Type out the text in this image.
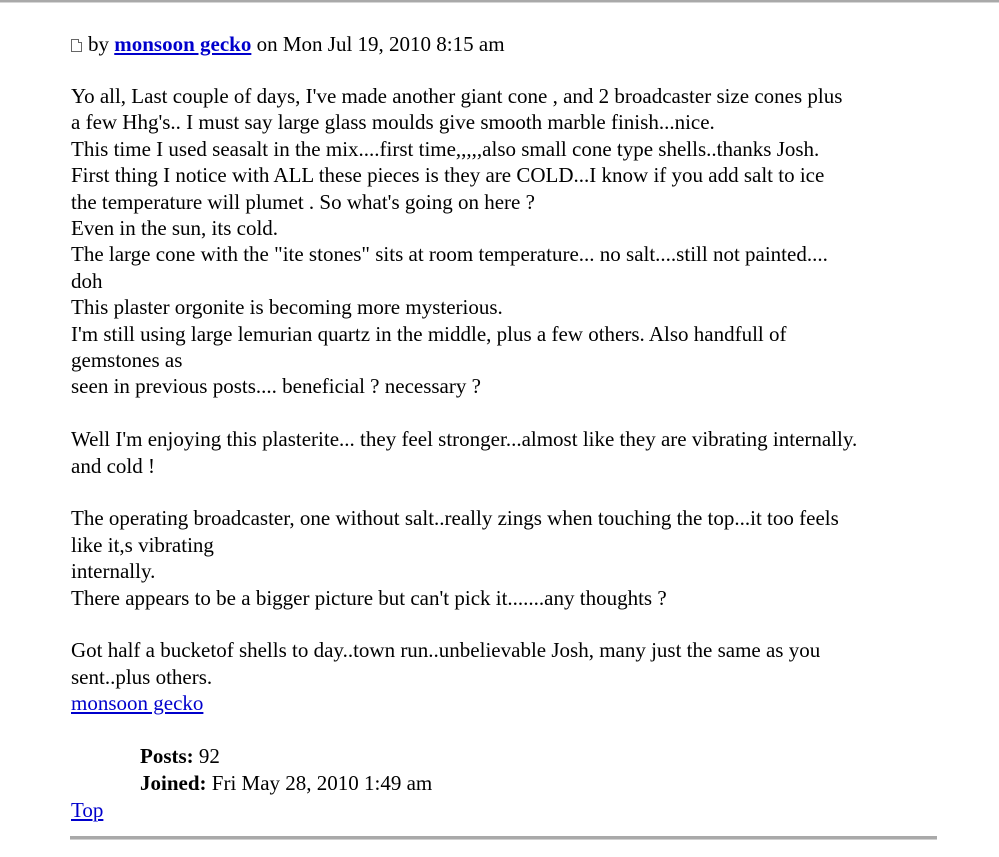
by monsoon gecko on Mon Jul 19, 2010 8:15 am

Yo all, Last couple of days, I've made another giant cone , and 2 broadcaster size cones plus

a few Hhg's.. I must say large glass moulds give smooth marble finish...nice.

This time I used seasalt in the mix....first time,,,,,also small cone type shells..thanks Josh.

First thing I notice with ALL these pieces is they are COLD...I know if you add salt to ice

the temperature will plumet . So what's going on here ?

Even in the sun, its cold.

The large cone with the "ite stones" sits at room temperature... no salt....still not painted....

doh

This plaster orgonite is becoming more mysterious.

I'm still using large lemurian quartz in the middle, plus a few others. Also handfull of

gemstones as

seen in previous posts.... beneficial ? necessary ?

Well I'm enjoying this plasterite... they feel stronger...almost like they are vibrating internally.

and cold !

The operating broadcaster, one without salt..really zings when touching the top...it too feels

like it,s vibrating

internally.

There appears to be a bigger picture but can't pick it.......any thoughts ?

Got half a bucketof shells to day..town run..unbelievable Josh, many just the same as you

sent..plus others.

monsoon gecko
Posts: 92
Joined: Fri May 28, 2010 1:49 am
Top
